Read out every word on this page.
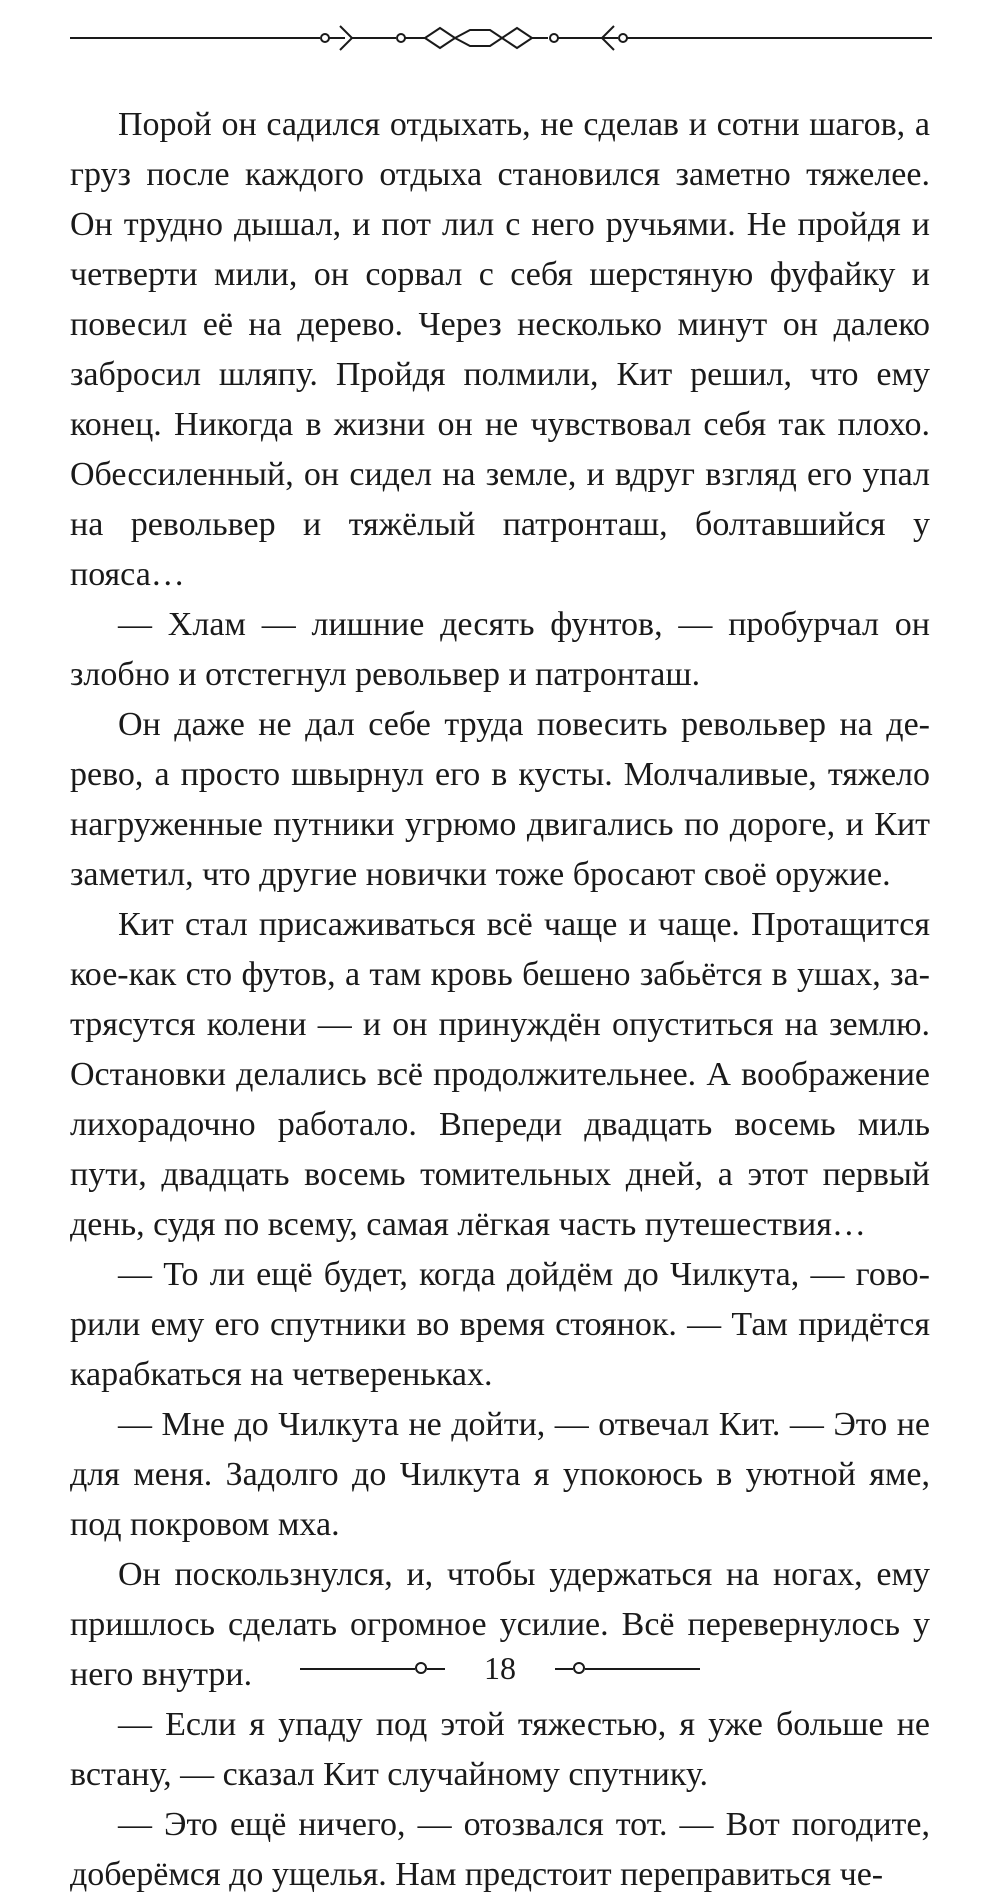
Порой он садился отдыхать, не сделав и сотни шагов, а груз после каждого отдыха становился заметно тяжелее. Он трудно дышал, и пот лил с него ручьями. Не пройдя и четверти мили, он сорвал с себя шерстяную фуфайку и повесил её на дерево. Через несколько минут он далеко забросил шляпу. Пройдя полмили, Кит решил, что ему конец. Никогда в жизни он не чувствовал себя так плохо. Обессиленный, он сидел на земле, и вдруг взгляд его упал на револьвер и тяжёлый патронташ, болтавшийся у пояса…

— Хлам — лишние десять фунтов, — пробурчал он злобно и отстегнул револьвер и патронташ.

Он даже не дал себе труда повесить револьвер на дерево, а просто швырнул его в кусты. Молчаливые, тяжело нагруженные путники угрюмо двигались по дороге, и Кит заметил, что другие новички тоже бросают своё оружие.

Кит стал присаживаться всё чаще и чаще. Протащится кое-как сто футов, а там кровь бешено забьётся в ушах, затрясутся колени — и он принуждён опуститься на землю. Остановки делались всё продолжительнее. А воображение лихорадочно работало. Впереди двадцать восемь миль пути, двадцать восемь томительных дней, а этот первый день, судя по всему, самая лёгкая часть путешествия…

— То ли ещё будет, когда дойдём до Чилкута, — говорили ему его спутники во время стоянок. — Там придётся карабкаться на четвереньках.

— Мне до Чилкута не дойти, — отвечал Кит. — Это не для меня. Задолго до Чилкута я упокоюсь в уютной яме, под покровом мха.

Он поскользнулся, и, чтобы удержаться на ногах, ему пришлось сделать огромное усилие. Всё перевернулось у него внутри.

— Если я упаду под этой тяжестью, я уже больше не встану, — сказал Кит случайному спутнику.

— Это ещё ничего, — отозвался тот. — Вот погодите, доберёмся до ущелья. Нам предстоит переправиться че-

18
